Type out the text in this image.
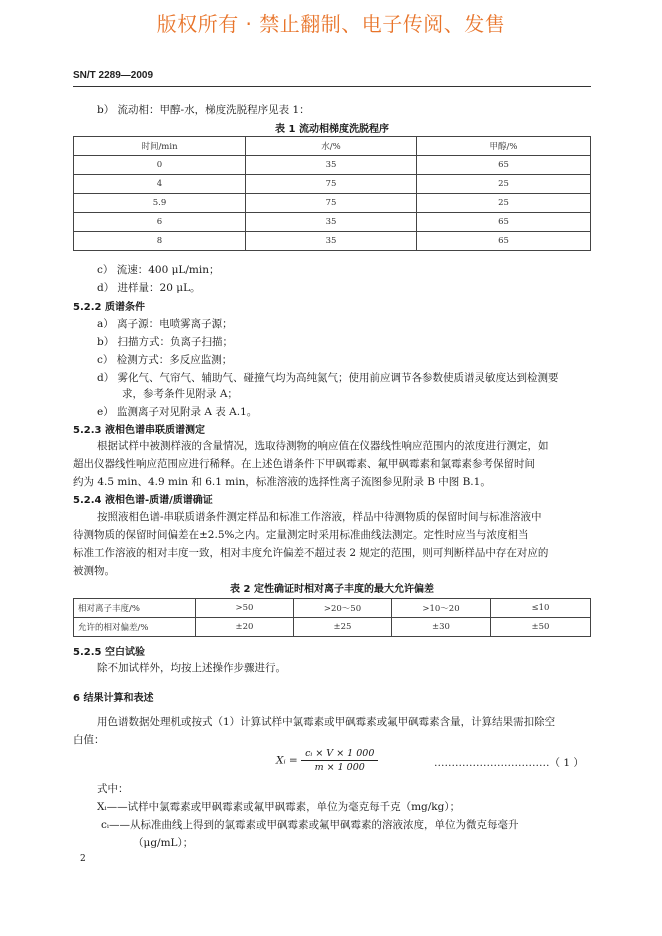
版权所有 · 禁止翻制、电子传阅、发售
SN/T 2289—2009
b） 流动相：甲醇-水，梯度洗脱程序见表 1：
表 1 流动相梯度洗脱程序
时间/min	水/%	甲醇/%
0	35	65
4	75	25
5.9	75	25
6	35	65
8	35	65
c） 流速：400 μL/min；
d） 进样量：20 μL。
5.2.2 质谱条件
a） 离子源：电喷雾离子源；
b） 扫描方式：负离子扫描；
c） 检测方式：多反应监测；
d） 雾化气、气帘气、辅助气、碰撞气均为高纯氮气；使用前应调节各参数使质谱灵敏度达到检测要
求，参考条件见附录 A；
e） 监测离子对见附录 A 表 A.1。
5.2.3 液相色谱串联质谱测定
根据试样中被测样液的含量情况，选取待测物的响应值在仪器线性响应范围内的浓度进行测定，如
超出仪器线性响应范围应进行稀释。在上述色谱条件下甲砜霉素、氟甲砜霉素和氯霉素参考保留时间
约为 4.5 min、4.9 min 和 6.1 min，标准溶液的选择性离子流图参见附录 B 中图 B.1。
5.2.4 液相色谱-质谱/质谱确证
按照液相色谱-串联质谱条件测定样品和标准工作溶液，样品中待测物质的保留时间与标准溶液中
待测物质的保留时间偏差在±2.5%之内。定量测定时采用标准曲线法测定。定性时应当与浓度相当
标准工作溶液的相对丰度一致，相对丰度允许偏差不超过表 2 规定的范围，则可判断样品中存在对应的
被测物。
表 2 定性确证时相对离子丰度的最大允许偏差
相对离子丰度/%	>50	>20～50	>10～20	≤10
允许的相对偏差/%	±20	±25	±30	±50
5.2.5 空白试验
除不加试样外，均按上述操作步骤进行。
6 结果计算和表述
用色谱数据处理机或按式（1）计算试样中氯霉素或甲砜霉素或氟甲砜霉素含量，计算结果需扣除空
白值：
Xᵢ = $\frac{\text{cᵢ × V × 1 000}}{m \times 1 000}$	……………………………（ 1 ）
式中：
Xᵢ——试样中氯霉素或甲砜霉素或氟甲砜霉素，单位为毫克每千克（mg/kg）；
cᵢ——从标准曲线上得到的氯霉素或甲砜霉素或氟甲砜霉素的溶液浓度，单位为微克每毫升
（μg/mL）；
2
